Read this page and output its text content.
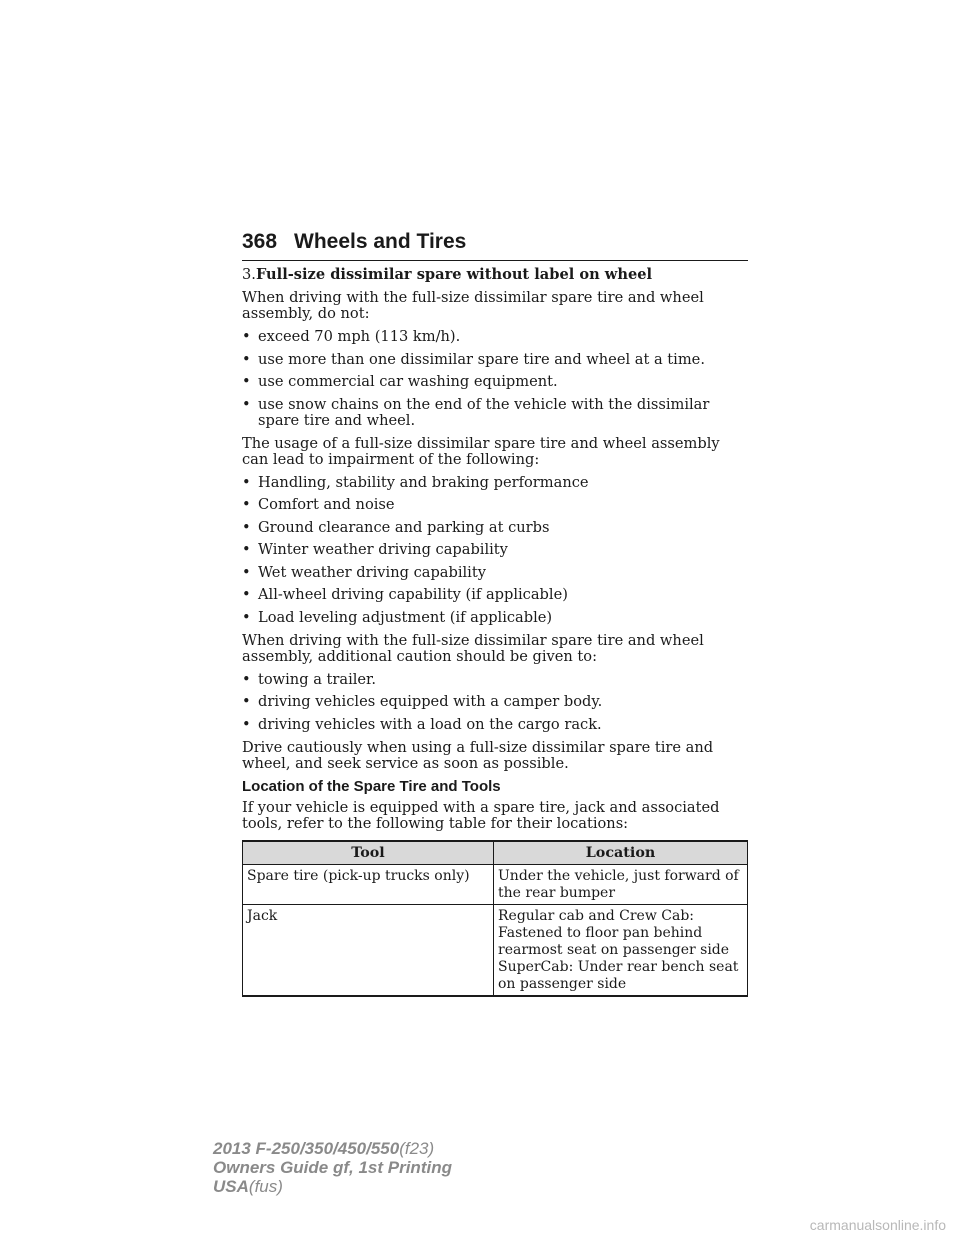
368 Wheels and Tires

3.Full-size dissimilar spare without label on wheel

When driving with the full-size dissimilar spare tire and wheel assembly, do not:

• exceed 70 mph (113 km/h).
• use more than one dissimilar spare tire and wheel at a time.
• use commercial car washing equipment.
• use snow chains on the end of the vehicle with the dissimilar spare tire and wheel.

The usage of a full-size dissimilar spare tire and wheel assembly can lead to impairment of the following:

• Handling, stability and braking performance
• Comfort and noise
• Ground clearance and parking at curbs
• Winter weather driving capability
• Wet weather driving capability
• All-wheel driving capability (if applicable)
• Load leveling adjustment (if applicable)

When driving with the full-size dissimilar spare tire and wheel assembly, additional caution should be given to:

• towing a trailer.
• driving vehicles equipped with a camper body.
• driving vehicles with a load on the cargo rack.

Drive cautiously when using a full-size dissimilar spare tire and wheel, and seek service as soon as possible.

Location of the Spare Tire and Tools

If your vehicle is equipped with a spare tire, jack and associated tools, refer to the following table for their locations:

Tool	Location
Spare tire (pick-up trucks only)	Under the vehicle, just forward of the rear bumper

Jack	Regular cab and Crew Cab: Fastened to floor pan behind rearmost seat on passenger side
SuperCab: Under rear bench seat on passenger side
2013 F-250/350/450/550(f23)
Owners Guide gf, 1st Printing
USA(fus)
carmanualsonline.info
